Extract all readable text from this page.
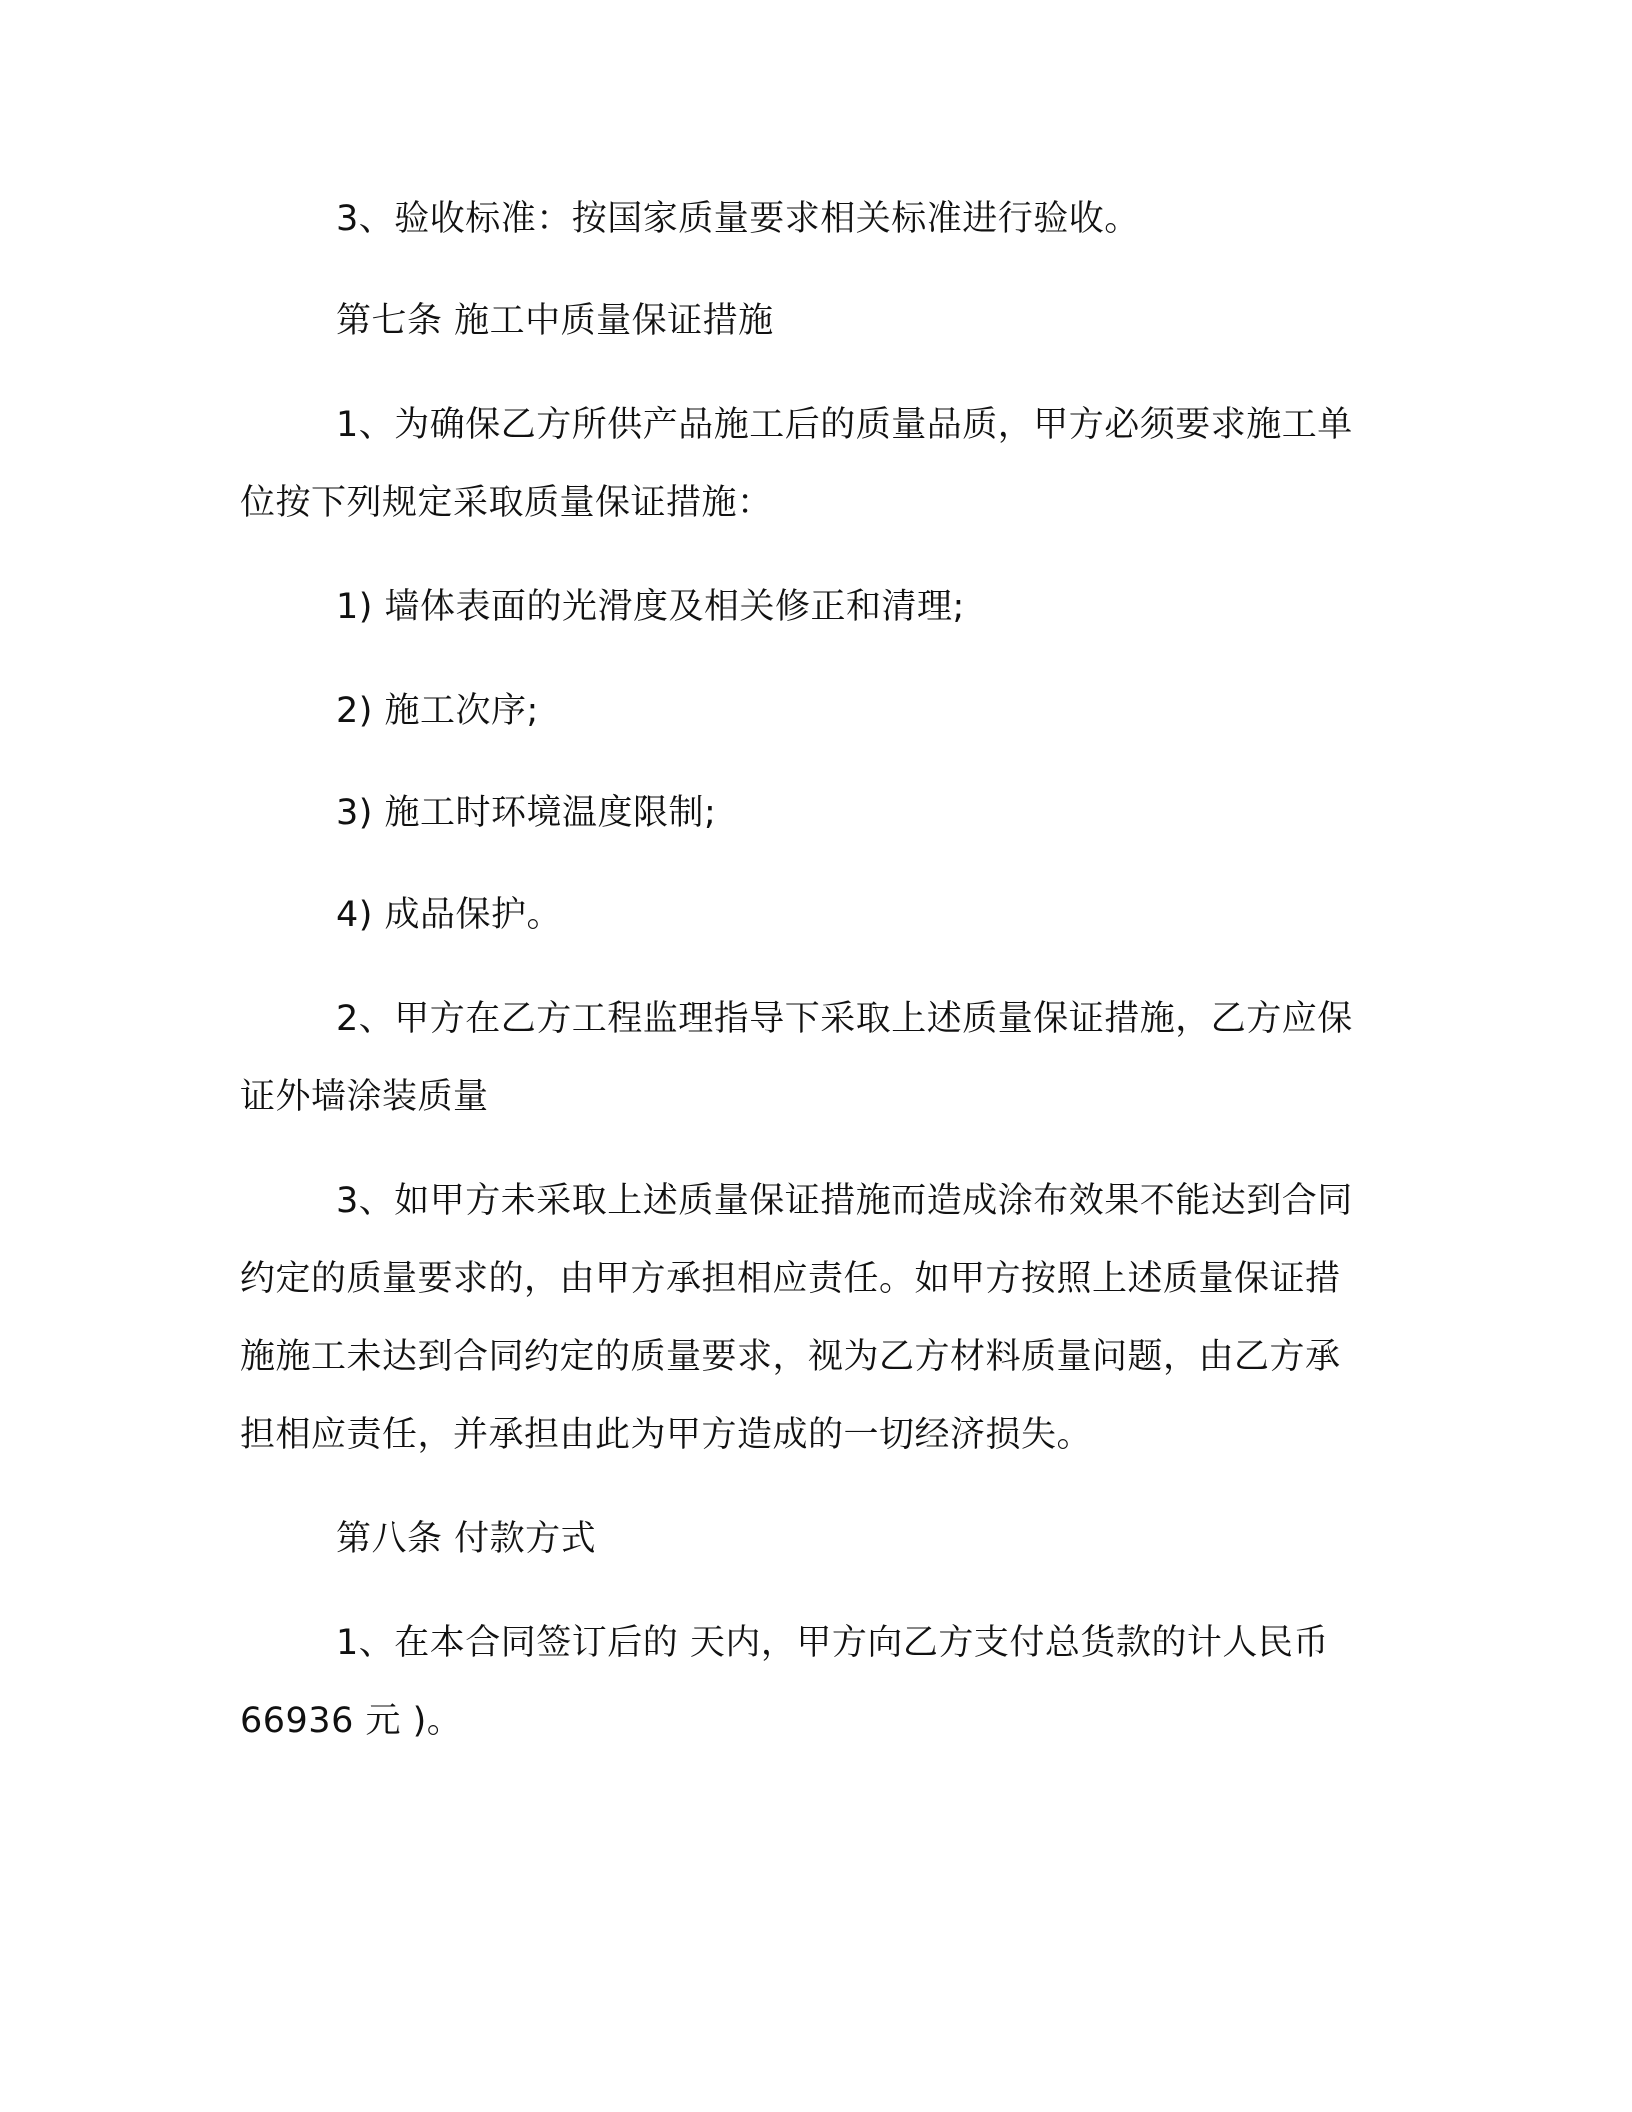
3、验收标准：按国家质量要求相关标准进行验收。

第七条 施工中质量保证措施

1、为确保乙方所供产品施工后的质量品质，甲方必须要求施工单位按下列规定采取质量保证措施：

1) 墙体表面的光滑度及相关修正和清理;

2) 施工次序;

3) 施工时环境温度限制;

4) 成品保护。

2、甲方在乙方工程监理指导下采取上述质量保证措施，乙方应保证外墙涂装质量

3、如甲方未采取上述质量保证措施而造成涂布效果不能达到合同约定的质量要求的，由甲方承担相应责任。如甲方按照上述质量保证措施施工未达到合同约定的质量要求，视为乙方材料质量问题，由乙方承担相应责任，并承担由此为甲方造成的一切经济损失。

第八条 付款方式

1、在本合同签订后的 天内，甲方向乙方支付总货款的计人民币 66936 元 )。
